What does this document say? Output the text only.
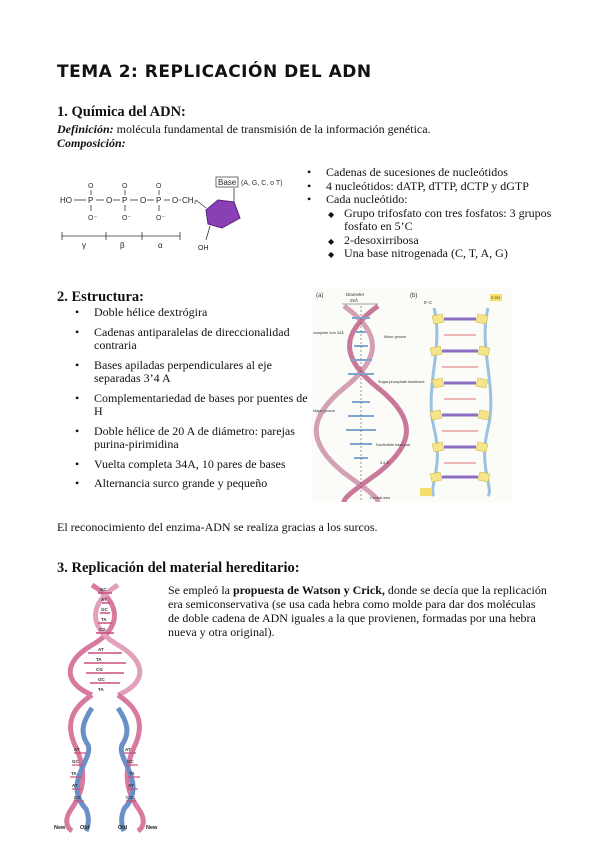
TEMA 2: REPLICACIÓN DEL ADN
1. Química del ADN:
Definición: molécula fundamental de transmisión de la información genética.
Composición:
HO P O P O P O CH₂
O	O	O
O⁻	O⁻	O⁻
Base (A, G, C, o T)
OH
γ	β	α
• Cadenas de sucesiones de nucleótidos
• 4 nucleótidos: dATP, dTTP, dCTP y dGTP
• Cada nucleótido:
◆ Grupo trifosfato con tres fosfatos: 3 grupos fosfato en 5’C
◆ 2-desoxirribosa
◆ Una base nitrogenada (C, T, A, G)
2. Estructura:
• Doble hélice dextrógira
• Cadenas antiparalelas de direccionalidad contraria
• Bases apiladas perpendiculares al eje separadas 3’4 A
• Complementariedad de bases por puentes de H
• Doble hélice de 20 A de diámetro: parejas purina-pirimidina
• Vuelta completa 34A, 10 pares de bases
• Alternancia surco grande y pequeño
(a)	(b)
Diameter
20Å
complete turn 34Å
Minor groove
Sugar-phosphate backbone
Major groove
Nucleotide base pair
3.4 Å
Central axis
5'-C
3'-OH
El reconocimiento del enzima-ADN se realiza gracias a los surcos.
3. Replicación del material hereditario:
Se empleó la propuesta de Watson y Crick, donde se decía que la replicación era semiconservativa (se usa cada hebra como molde para dar dos moléculas de doble cadena de ADN iguales a la que provienen, formadas por una hebra nueva y otra original).
GC
AT
GC
TA
CG
AT
TA
CG
GC
TA
AT
GC
TA
AT
CG
AT
GC
TA
AT
CG
New	Old	Old	New
